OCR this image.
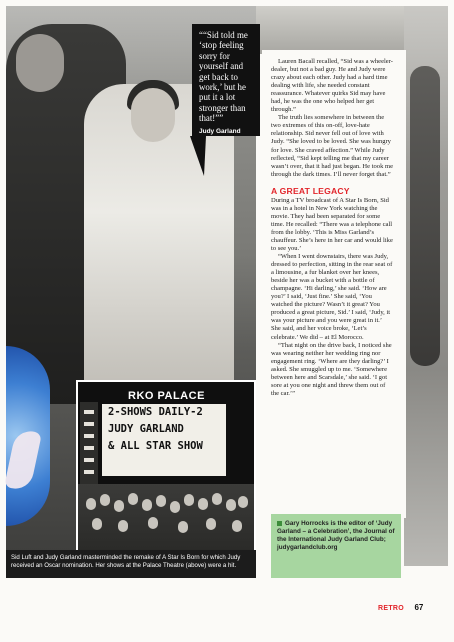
““Sid told me ‘stop feeling sorry for yourself and get back to work,’ but he put it a lot stronger than that!””
Judy Garland
RKO PALACE
2-SHOWS DAILY-2
JUDY GARLAND
& ALL STAR SHOW
Sid Luft and Judy Garland masterminded the remake of A Star Is Born for which Judy received an Oscar nomination. Her shows at the Palace Theatre (above) were a hit.

Lauren Bacall recalled, “Sid was a wheeler-dealer, but not a bad guy. He and Judy were crazy about each other. Judy had a hard time dealing with life, she needed constant reassurance. Whatever quirks Sid may have had, he was the one who helped her get through.”

The truth lies somewhere in between the two extremes of this on-off, love-hate relationship. Sid never fell out of love with Judy. “She loved to be loved. She was hungry for love. She craved affection.” While Judy reflected, “Sid kept telling me that my career wasn’t over, that it had just began. He took me through the dark times. I’ll never forget that.”

A GREAT LEGACY

During a TV broadcast of A Star Is Born, Sid was in a hotel in New York watching the movie. They had been separated for some time. He recalled: “There was a telephone call from the lobby. ‘This is Miss Garland’s chauffeur. She’s here in her car and would like to see you.’

“When I went downstairs, there was Judy, dressed to perfection, sitting in the rear seat of a limousine, a fur blanket over her knees, beside her was a bucket with a bottle of champagne. ‘Hi darling,’ she said. ‘How are you?’ I said, ‘Just fine.’ She said, ‘You watched the picture? Wasn’t it great? You produced a great picture, Sid.’ I said, ‘Judy, it was your picture and you were great in it.’ She said, and her voice broke, ‘Let’s celebrate.’ We did – at El Morocco.

“That night on the drive back, I noticed she was wearing neither her wedding ring nor engagement ring. ‘Where are they darling?’ I asked. She smuggled up to me. ‘Somewhere between here and Scarsdale,’ she said. ‘I got sore at you one night and threw them out of the car.’”

Gary Horrocks is the editor of ‘Judy Garland – a Celebration’, the Journal of the International Judy Garland Club; judygarlandclub.org
RETRO 67
